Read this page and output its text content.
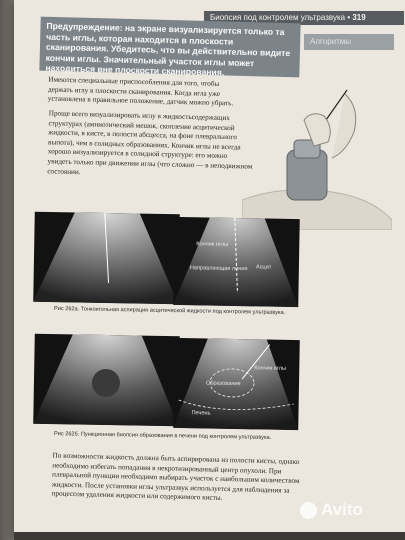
Биопсия под контролем ультразвука • 319
Алгоритмы
Предупреждение: на экране визуализируется только та часть иглы, которая находится в плоскости сканирования. Убедитесь, что вы действительно видите кончик иглы. Значительный участок иглы может находиться вне плоскости сканирования.

Имеются специальные приспособления для того, чтобы держать иглу в плоскости сканирования. Когда игла уже установлена в правильное положение, датчик можно убрать.

Проще всего визуализировать иглу в жидкостьсодержащих структурах (амниотический мешок, скопление асцитической жидкости, в кисте, в полости абсцесса, на фоне плеврального выпота), чем в солидных образованиях. Кончик иглы не всегда хорошо визуализируется в солидной структуре: его можно увидеть только при движении иглы (что сложно — в неподвижном состоянии.

Кончик иглы
Направляющая линия Асцит
Рис 262а. Тонкоигольная аспирация асцитической жидкости под контролем ультразвука.
Кончик иглы
Образование
Печень
Рис 262б. Пункционная биопсия образования в печени под контролем ультразвука.

По возможности жидкость должна быть аспирирована из полости кисты, однако необходимо избегать попадания в некротизированный центр опухоли. При плевральной пункции необходимо выбирать участок с наибольшим количеством жидкости. После установки иглы ультразвук используется для наблюдения за процессом удаления жидкости или содержимого кисты.

Avito
